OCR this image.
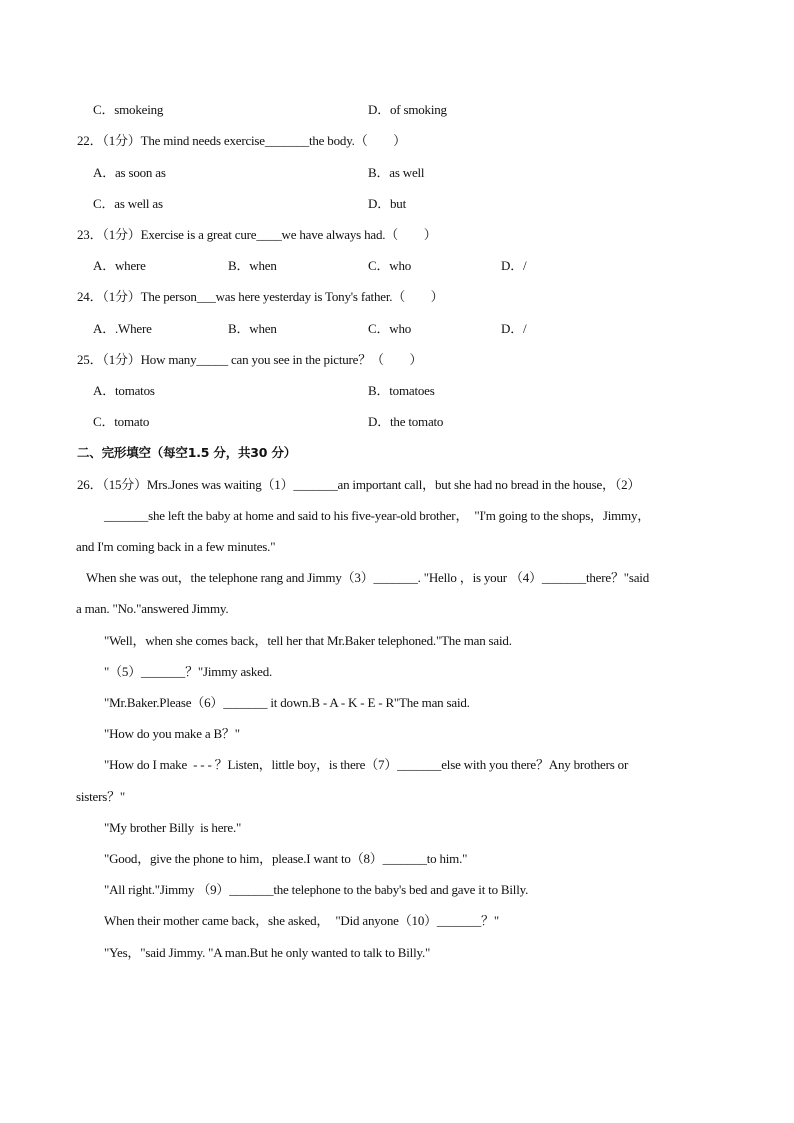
C．smokeing	D．of smoking
22．（1分）The mind needs exercise_______the body.（　　）
A．as soon as	B．as well
C．as well as	D．but
23．（1分）Exercise is a great cure____we have always had.（　　）
A．where	B．when	C．who	D．/
24．（1分）The person___was here yesterday is Tony's father.（　　）
A．.Where	B．when	C．who	D．/
25．（1分）How many_____ can you see in the picture？（　　）
A．tomatos	B．tomatoes
C．tomato	D．the tomato
二、完形填空（每空1.5 分，共30 分）
26．（15分）Mrs.Jones was waiting（1）_______an important call，but she had no bread in the house，（2）
_______she left the baby at home and said to his five-year-old brother，  "I'm going to the shops，Jimmy，
and I'm coming back in a few minutes."
When she was out，the telephone rang and Jimmy（3）_______. "Hello ，is your （4）_______there？"said
a man. "No."answered Jimmy.
"Well，when she comes back，tell her that Mr.Baker telephoned."The man said.
"（5）_______？"Jimmy asked.
"Mr.Baker.Please（6）_______ it down.B - A - K - E - R"The man said.
"How do you make a B？"
"How do I make  - - - ？Listen，little boy，is there（7）_______else with you there？Any brothers or
sisters？"
"My brother Billy  is here."
"Good，give the phone to him，please.I want to（8）_______to him."
"All right."Jimmy （9）_______the telephone to the baby's bed and gave it to Billy.
When their mother came back，she asked，  "Did anyone（10）_______？"
"Yes，"said Jimmy. "A man.But he only wanted to talk to Billy."
